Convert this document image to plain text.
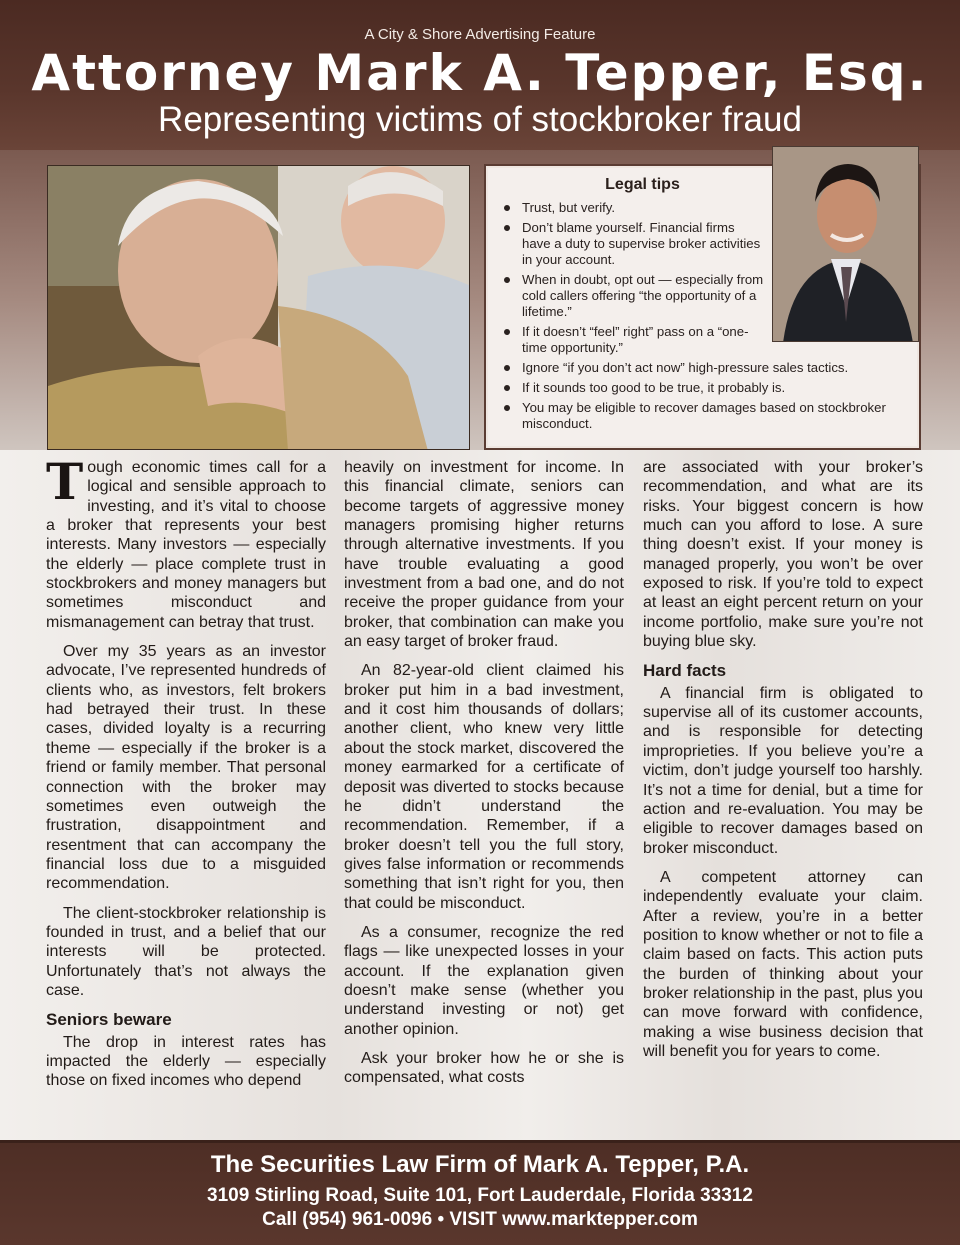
A City & Shore Advertising Feature
Attorney Mark A. Tepper, Esq.
Representing victims of stockbroker fraud
Legal tips
Trust, but verify.
Don’t blame yourself. Financial firms have a duty to supervise broker activities in your account.
When in doubt, opt out — especially from cold callers offering “the opportunity of a lifetime.”
If it doesn’t “feel” right” pass on a “one-time opportunity.”
Ignore “if you don’t act now” high-pressure sales tactics.
If it sounds too good to be true, it probably is.
You may be eligible to recover damages based on stockbroker misconduct.

Tough economic times call for a logical and sensible approach to investing, and it’s vital to choose a broker that represents your best interests. Many investors — especially the elderly — place complete trust in stockbrokers and money managers but sometimes misconduct and mismanagement can betray that trust.

Over my 35 years as an investor advocate, I’ve represented hundreds of clients who, as investors, felt brokers had betrayed their trust. In these cases, divided loyalty is a recurring theme — especially if the broker is a friend or family member. That personal connection with the broker may sometimes even outweigh the frustration, disappointment and resentment that can accompany the financial loss due to a misguided recommendation.

The client-stockbroker relationship is founded in trust, and a belief that our interests will be protected. Unfortunately that’s not always the case.

Seniors beware

The drop in interest rates has impacted the elderly — especially those on fixed incomes who depend

heavily on investment for income. In this financial climate, seniors can become targets of aggressive money managers promising higher returns through alternative investments. If you have trouble evaluating a good investment from a bad one, and do not receive the proper guidance from your broker, that combination can make you an easy target of broker fraud.

An 82-year-old client claimed his broker put him in a bad investment, and it cost him thousands of dollars; another client, who knew very little about the stock market, discovered the money earmarked for a certificate of deposit was diverted to stocks because he didn’t understand the recommendation. Remember, if a broker doesn’t tell you the full story, gives false information or recommends something that isn’t right for you, then that could be misconduct.

As a consumer, recognize the red flags — like unexpected losses in your account. If the explanation given doesn’t make sense (whether you understand investing or not) get another opinion.

Ask your broker how he or she is compensated, what costs

are associated with your broker’s recommendation, and what are its risks. Your biggest concern is how much can you afford to lose. A sure thing doesn’t exist. If your money is managed properly, you won’t be over exposed to risk. If you’re told to expect at least an eight percent return on your income portfolio, make sure you’re not buying blue sky.

Hard facts

A financial firm is obligated to supervise all of its customer accounts, and is responsible for detecting improprieties. If you believe you’re a victim, don’t judge yourself too harshly. It’s not a time for denial, but a time for action and re-evaluation. You may be eligible to recover damages based on broker misconduct.

A competent attorney can independently evaluate your claim. After a review, you’re in a better position to know whether or not to file a claim based on facts. This action puts the burden of thinking about your broker relationship in the past, plus you can move forward with confidence, making a wise business decision that will benefit you for years to come.

The Securities Law Firm of Mark A. Tepper, P.A.
3109 Stirling Road, Suite 101, Fort Lauderdale, Florida 33312
Call (954) 961-0096 • VISIT www.marktepper.com
